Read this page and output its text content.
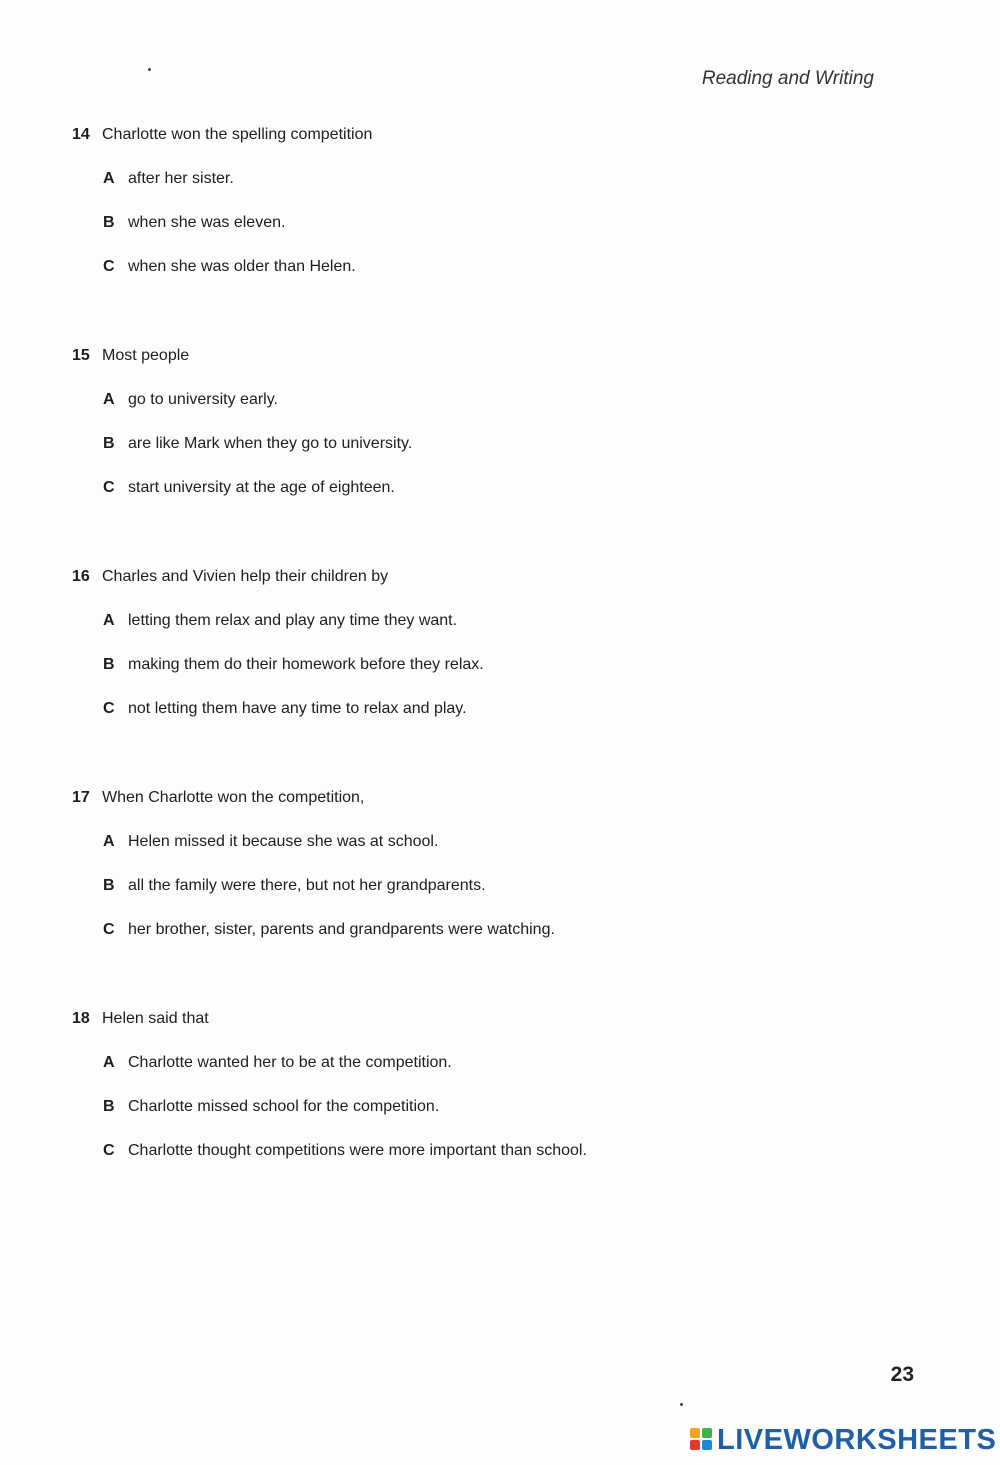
Reading and Writing
14 Charlotte won the spelling competition
A after her sister.
B when she was eleven.
C when she was older than Helen.
15 Most people
A go to university early.
B are like Mark when they go to university.
C start university at the age of eighteen.
16 Charles and Vivien help their children by
A letting them relax and play any time they want.
B making them do their homework before they relax.
C not letting them have any time to relax and play.
17 When Charlotte won the competition,
A Helen missed it because she was at school.
B all the family were there, but not her grandparents.
C her brother, sister, parents and grandparents were watching.
18 Helen said that
A Charlotte wanted her to be at the competition.
B Charlotte missed school for the competition.
C Charlotte thought competitions were more important than school.
23
LIVEWORKSHEETS
